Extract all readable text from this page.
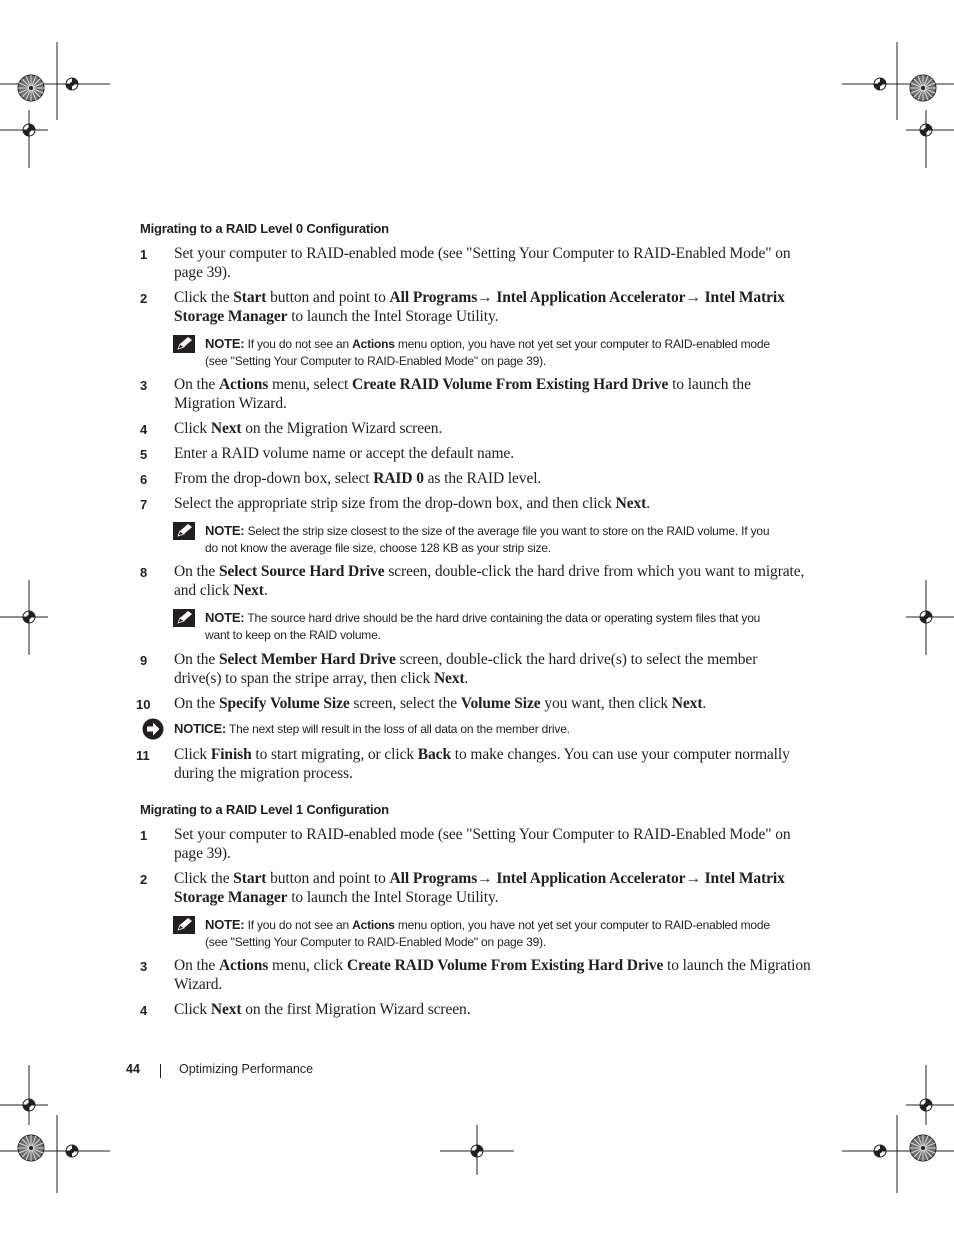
Migrating to a RAID Level 0 Configuration
1	Set your computer to RAID-enabled mode (see "Setting Your Computer to RAID-Enabled Mode" on
page 39).
2	Click the Start button and point to All Programs→ Intel Application Accelerator→ Intel Matrix
Storage Manager to launch the Intel Storage Utility.
NOTE: If you do not see an Actions menu option, you have not yet set your computer to RAID-enabled mode
(see "Setting Your Computer to RAID-Enabled Mode" on page 39).
3	On the Actions menu, select Create RAID Volume From Existing Hard Drive to launch the
Migration Wizard.
4	Click Next on the Migration Wizard screen.
5	Enter a RAID volume name or accept the default name.
6	From the drop-down box, select RAID 0 as the RAID level.
7	Select the appropriate strip size from the drop-down box, and then click Next.
NOTE: Select the strip size closest to the size of the average file you want to store on the RAID volume. If you
do not know the average file size, choose 128 KB as your strip size.
8	On the Select Source Hard Drive screen, double-click the hard drive from which you want to migrate,
and click Next.
NOTE: The source hard drive should be the hard drive containing the data or operating system files that you
want to keep on the RAID volume.
9	On the Select Member Hard Drive screen, double-click the hard drive(s) to select the member
drive(s) to span the stripe array, then click Next.
10	On the Specify Volume Size screen, select the Volume Size you want, then click Next.
NOTICE: The next step will result in the loss of all data on the member drive.
11	Click Finish to start migrating, or click Back to make changes. You can use your computer normally
during the migration process.
Migrating to a RAID Level 1 Configuration
1	Set your computer to RAID-enabled mode (see "Setting Your Computer to RAID-Enabled Mode" on
page 39).
2	Click the Start button and point to All Programs→ Intel Application Accelerator→ Intel Matrix
Storage Manager to launch the Intel Storage Utility.
NOTE: If you do not see an Actions menu option, you have not yet set your computer to RAID-enabled mode
(see "Setting Your Computer to RAID-Enabled Mode" on page 39).
3	On the Actions menu, click Create RAID Volume From Existing Hard Drive to launch the Migration
Wizard.
4	Click Next on the first Migration Wizard screen.
44	Optimizing Performance
